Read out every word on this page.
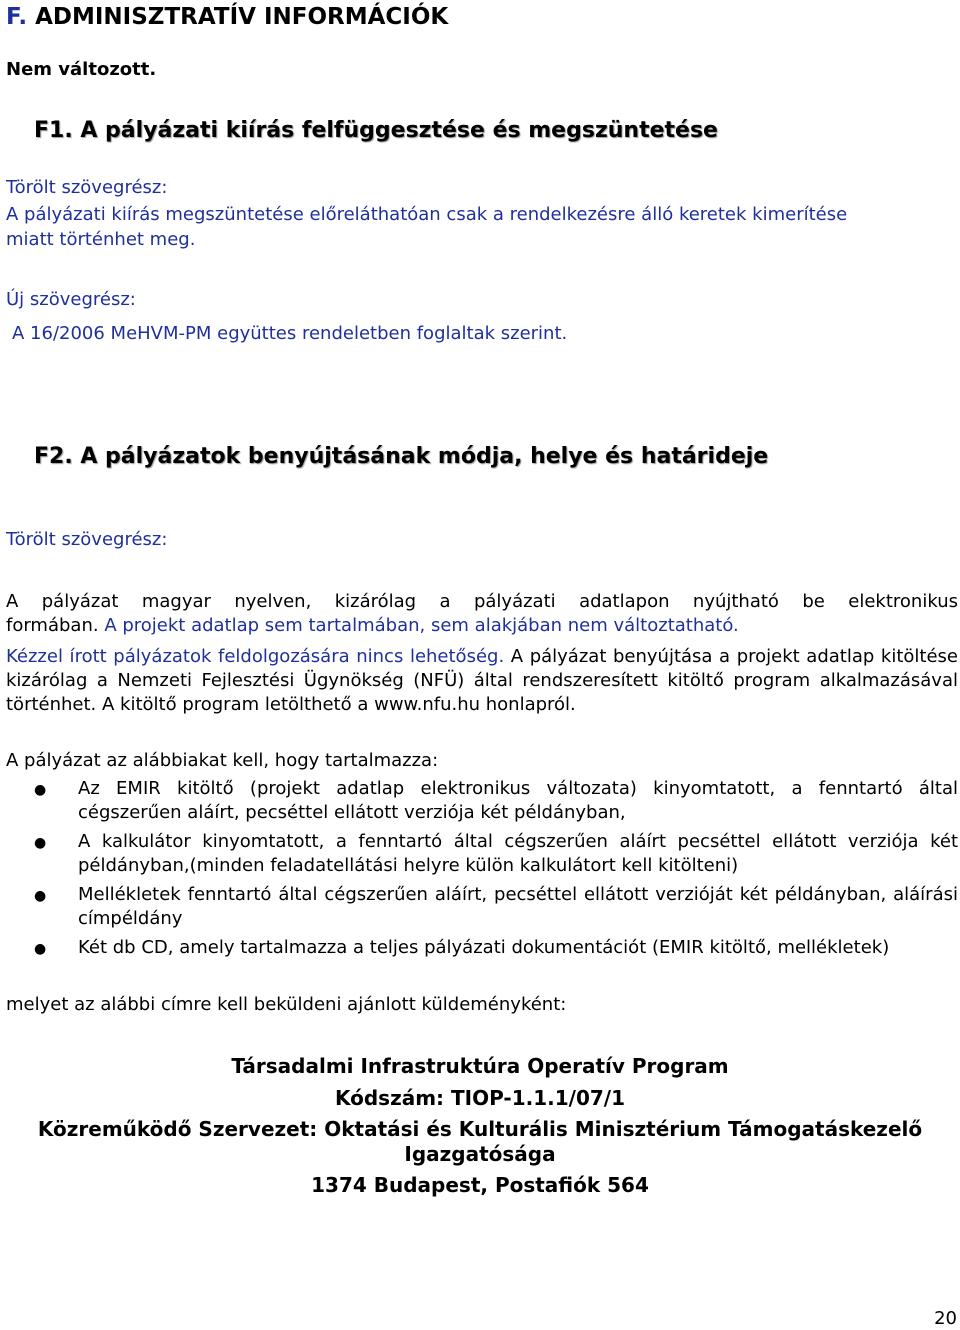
F. ADMINISZTRATÍV INFORMÁCIÓK
Nem változott.
F1. A pályázati kiírás felfüggesztése és megszüntetése
Törölt szövegrész:
A pályázati kiírás megszüntetése előreláthatóan csak a rendelkezésre álló keretek kimerítése
miatt történhet meg.
Új szövegrész:
A 16/2006 MeHVM-PM együttes rendeletben foglaltak szerint.
F2. A pályázatok benyújtásának módja, helye és határideje
Törölt szövegrész:
A pályázat magyar nyelven, kizárólag a pályázati adatlapon nyújtható be elektronikus
formában. A projekt adatlap sem tartalmában, sem alakjában nem változtatható.
Kézzel írott pályázatok feldolgozására nincs lehetőség. A pályázat benyújtása a projekt adatlap kitöltése kizárólag a Nemzeti Fejlesztési Ügynökség (NFÜ) által rendszeresített kitöltő program alkalmazásával történhet. A kitöltő program letölthető a www.nfu.hu honlapról.
A pályázat az alábbiakat kell, hogy tartalmazza:
● Az EMIR kitöltő (projekt adatlap elektronikus változata) kinyomtatott, a fenntartó által cégszerűen aláírt, pecséttel ellátott verziója két példányban,
● A kalkulátor kinyomtatott, a fenntartó által cégszerűen aláírt pecséttel ellátott verziója két példányban,(minden feladatellátási helyre külön kalkulátort kell kitölteni)
● Mellékletek fenntartó által cégszerűen aláírt, pecséttel ellátott verzióját két példányban, aláírási címpéldány
● Két db CD, amely tartalmazza a teljes pályázati dokumentációt (EMIR kitöltő, mellékletek)
melyet az alábbi címre kell beküldeni ajánlott küldeményként:
Társadalmi Infrastruktúra Operatív Program
Kódszám: TIOP-1.1.1/07/1
Közreműködő Szervezet: Oktatási és Kulturális Minisztérium Támogatáskezelő
Igazgatósága
1374 Budapest, Postafiók 564
20
